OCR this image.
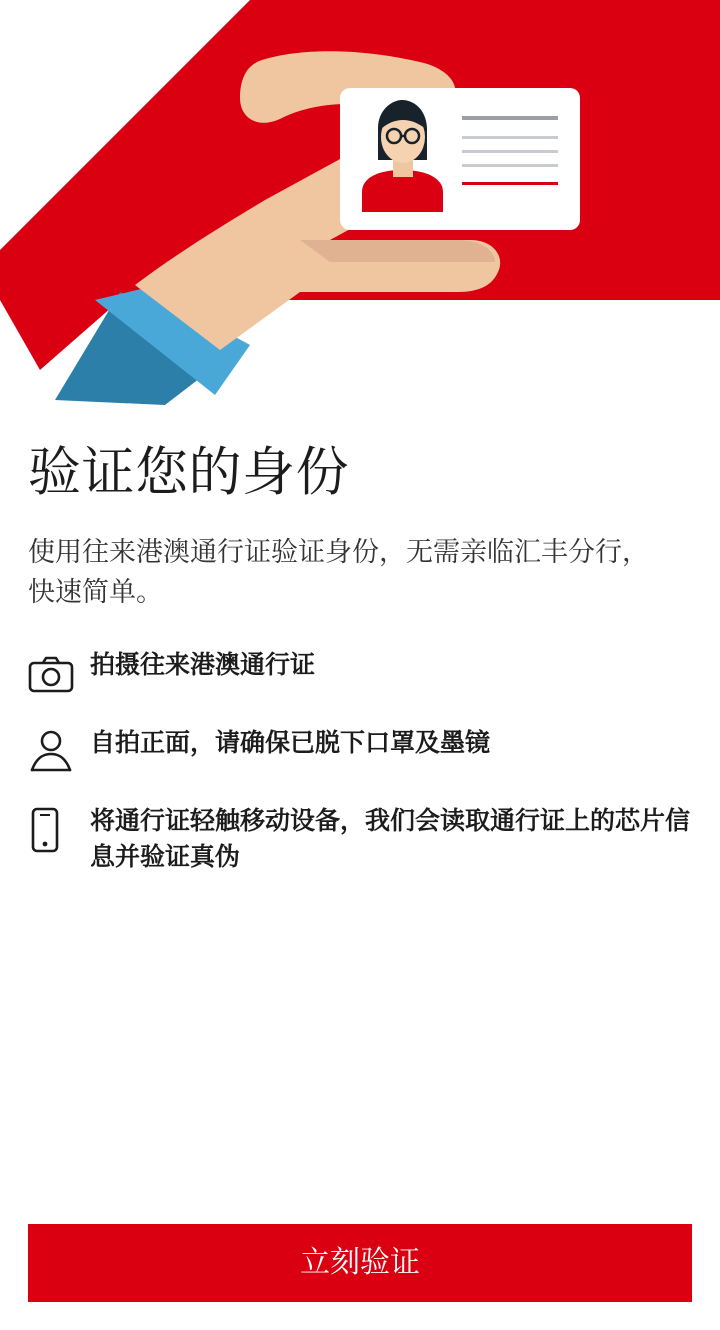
验证您的身份

使用往来港澳通行证验证身份，无需亲临汇丰分行，快速简单。

拍摄往来港澳通行证
自拍正面，请确保已脱下口罩及墨镜
将通行证轻触移动设备，我们会读取通行证上的芯片信息并验证真伪
立刻验证
